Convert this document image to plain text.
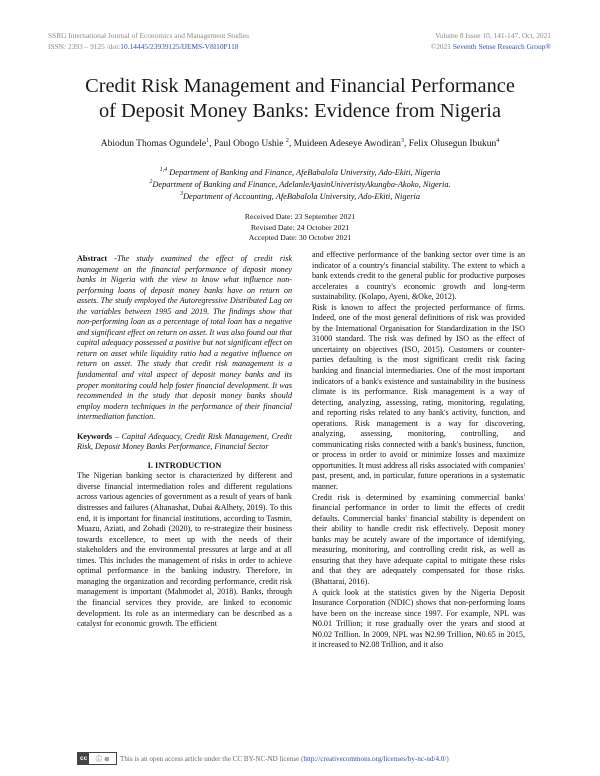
SSRG International Journal of Economics and Management Studies
ISSN: 2393 – 9125 /doi:10.14445/23939125/IJEMS-V8I10P118
Volume 8 Issue 10, 141-147, Oct, 2021
©2021 Seventh Sense Research Group®
Credit Risk Management and Financial Performance
of Deposit Money Banks: Evidence from Nigeria
Abiodun Thomas Ogundele$^1$, Paul Obogo Ushie $^2$, Muideen Adeseye Awodiran$^3$, Felix Olusegun Ibukun$^4$
$^{1,4}$ Department of Banking and Finance, AfeBabalola University, Ado-Ekiti, Nigeria
$^2$Department of Banking and Finance, AdelanleAjasinUniveristyAkungba-Akoko, Nigeria.
$^3$Department of Accounting, AfeBabalola University, Ado-Ekiti, Nigeria
Received Date: 23 September 2021
Revised Date: 24 October 2021
Accepted Date: 30 October 2021

Abstract -The study examined the effect of credit risk management on the financial performance of deposit money banks in Nigeria with the view to know what influence non-performing loans of deposit money banks have on return on assets. The study employed the Autoregressive Distributed Lag on the variables between 1995 and 2019. The findings show that non-performing loan as a percentage of total loan has a negative and significant effect on return on asset. It was also found out that capital adequacy possessed a positive but not significant effect on return on asset while liquidity ratio had a negative influence on return on asset. The study that credit risk management is a fundamental and vital aspect of deposit money banks and its proper monitoring could help foster financial development. It was recommended in the study that deposit money banks should employ modern techniques in the performance of their financial intermediation function.

Keywords – Capital Adequacy, Credit Risk Management, Credit Risk, Deposit Money Banks Performance, Financial Sector

I. INTRODUCTION

The Nigerian banking sector is characterized by different and diverse financial intermediation roles and different regulations across various agencies of government as a result of years of bank distresses and failures (Altanashat, Dubai &Alhety, 2019). To this end, it is important for financial institutions, according to Tasmin, Muazu, Aziati, and Zohadi (2020), to re-strategize their business towards excellence, to meet up with the needs of their stakeholders and the environmental pressures at large and at all times. This includes the management of risks in order to achieve optimal performance in the banking industry. Therefore, in managing the organization and recording performance, credit risk management is important (Mahmodet al, 2018). Banks, through the financial services they provide, are linked to economic development. Its role as an intermediary can be described as a catalyst for economic growth. The efficient

and effective performance of the banking sector over time is an indicator of a country's financial stability. The extent to which a bank extends credit to the general public for productive purposes accelerates a country's economic growth and long-term sustainability. (Kolapo, Ayeni, &Oke, 2012).

Risk is known to affect the projected performance of firms. Indeed, one of the most general definitions of risk was provided by the International Organisation for Standardization in the ISO 31000 standard. The risk was defined by ISO as the effect of uncertainty on objectives (ISO, 2015). Customers or counter-parties defaulting is the most significant credit risk facing banking and financial intermediaries. One of the most important indicators of a bank's existence and sustainability in the business climate is its performance. Risk management is a way of detecting, analyzing, assessing, rating, monitoring, regulating, and reporting risks related to any bank's activity, function, and operations. Risk management is a way for discovering, analyzing, assessing, monitoring, controlling, and communicating risks connected with a bank's business, function, or process in order to avoid or minimize losses and maximize opportunities. It must address all risks associated with companies' past, present, and, in particular, future operations in a systematic manner.

Credit risk is determined by examining commercial banks' financial performance in order to limit the effects of credit defaults. Commercial banks' financial stability is dependent on their ability to handle credit risk effectively. Deposit money banks may be acutely aware of the importance of identifying, measuring, monitoring, and controlling credit risk, as well as ensuring that they have adequate capital to mitigate these risks and that they are adequately compensated for those risks. (Bhattarai, 2016).

A quick look at the statistics given by the Nigeria Deposit Insurance Corporation (NDIC) shows that non-performing loans have been on the increase since 1997. For example, NPL was ₦0.01 Trillion; it rose gradually over the years and stood at ₦0.02 Trillion. In 2009, NPL was ₦2.99 Trillion, ₦0.65 in 2015, it increased to ₦2.08 Trillion, and it also

cc	ⓘ ⊜	This is an open access article under the CC BY-NC-ND license (http://creativecommons.org/licenses/by-nc-nd/4.0/)
